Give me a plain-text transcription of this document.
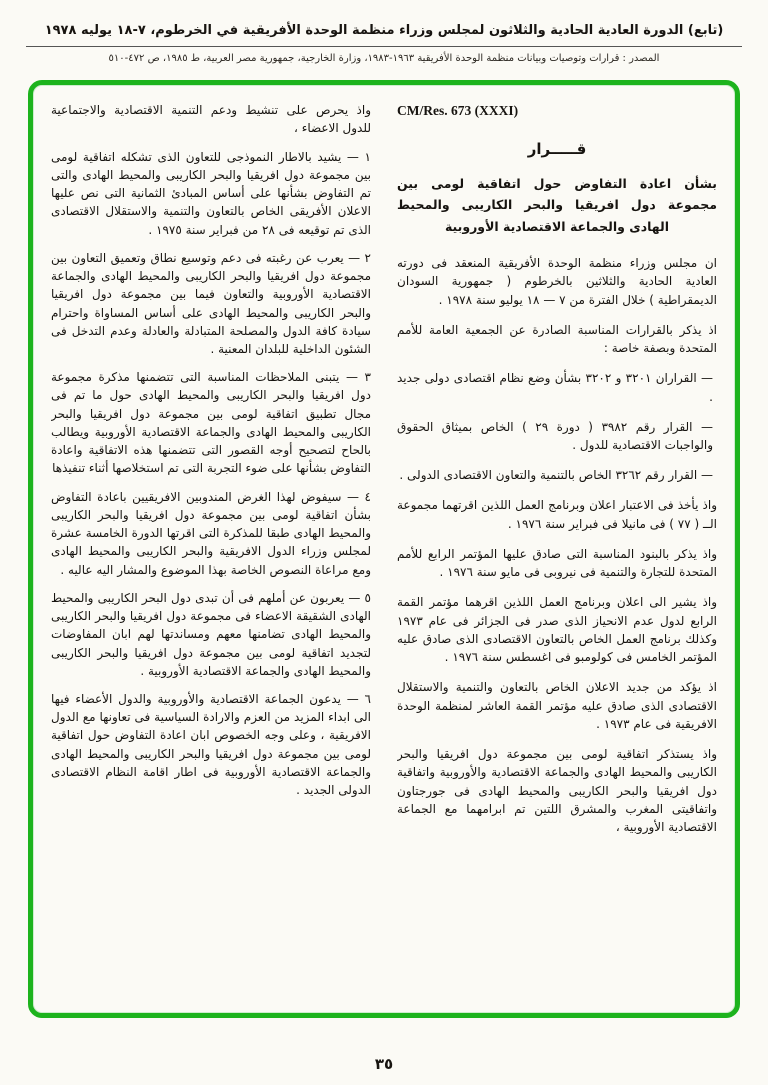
(تابع) الدورة العادية الحادية والثلاثون لمجلس وزراء منظمة الوحدة الأفريقية في الخرطوم، ٧-١٨ يوليه ١٩٧٨
المصدر : قرارات وتوصيات وبيانات منظمة الوحدة الأفريقية ١٩٦٣-١٩٨٣، وزارة الخارجية، جمهورية مصر العربية، ط ١٩٨٥، ص ٤٧٢-٥١٠
CM/Res. 673 (XXXI)
قـــــرار
بشأن اعادة التفاوض حول اتفاقية لومى بين مجموعة دول افريقيا والبحر الكاريبى والمحيط الهادى والجماعة الاقتصادية الأوروبية

ان مجلس وزراء منظمة الوحدة الأفريقية المنعقد فى دورته العادية الحادية والثلاثين بالخرطوم ( جمهورية السودان الديمقراطية ) خلال الفترة من ٧ — ١٨ يوليو سنة ١٩٧٨ .

اذ يذكر بالقرارات المناسبة الصادرة عن الجمعية العامة للأمم المتحدة وبصفة خاصة :

— القراران ٣٢٠١ و ٣٢٠٢ بشأن وضع نظام اقتصادى دولى جديد .

— القرار رقم ٣٩٨٢ ( دورة ٢٩ ) الخاص بميثاق الحقوق والواجبات الاقتصادية للدول .

— القرار رقم ٣٢٦٢ الخاص بالتنمية والتعاون الاقتصادى الدولى .

واذ يأخذ فى الاعتبار اعلان وبرنامج العمل اللذين اقرتهما مجموعة الــ ( ٧٧ ) فى مانيلا فى فبراير سنة ١٩٧٦ .

واذ يذكر بالبنود المناسبة التى صادق عليها المؤتمر الرابع للأمم المتحدة للتجارة والتنمية فى نيروبى فى مايو سنة ١٩٧٦ .

واذ يشير الى اعلان وبرنامج العمل اللذين اقرهما مؤتمر القمة الرابع لدول عدم الانحياز الذى صدر فى الجزائر فى عام ١٩٧٣ وكذلك برنامج العمل الخاص بالتعاون الاقتصادى الذى صادق عليه المؤتمر الخامس فى كولومبو فى اغسطس سنة ١٩٧٦ .

اذ يؤكد من جديد الاعلان الخاص بالتعاون والتنمية والاستقلال الاقتصادى الذى صادق عليه مؤتمر القمة العاشر لمنظمة الوحدة الافريقية فى عام ١٩٧٣ .

واذ يستذكر اتفاقية لومى بين مجموعة دول افريقيا والبحر الكاريبى والمحيط الهادى والجماعة الاقتصادية والأوروبية واتفاقية دول افريقيا والبحر الكاريبى والمحيط الهادى فى جورجتاون واتفاقيتى المغرب والمشرق اللتين تم ابرامهما مع الجماعة الاقتصادية الأوروبية ،

واذ يحرص على تنشيط ودعم التنمية الاقتصادية والاجتماعية للدول الاعضاء ،

١ — يشيد بالاطار النموذجى للتعاون الذى تشكله اتفاقية لومى بين مجموعة دول افريقيا والبحر الكاريبى والمحيط الهادى والتى تم التفاوض بشأنها على أساس المبادئ الثمانية التى نص عليها الاعلان الأفريقى الخاص بالتعاون والتنمية والاستقلال الاقتصادى الذى تم توقيعه فى ٢٨ من فبراير سنة ١٩٧٥ .

٢ — يعرب عن رغبته فى دعم وتوسيع نطاق وتعميق التعاون بين مجموعة دول افريقيا والبحر الكاريبى والمحيط الهادى والجماعة الاقتصادية الأوروبية والتعاون فيما بين مجموعة دول افريقيا والبحر الكاريبى والمحيط الهادى على أساس المساواة واحترام سيادة كافة الدول والمصلحة المتبادلة والعادلة وعدم التدخل فى الشئون الداخلية للبلدان المعنية .

٣ — يتبنى الملاحظات المناسبة التى تتضمنها مذكرة مجموعة دول افريقيا والبحر الكاريبى والمحيط الهادى حول ما تم فى مجال تطبيق اتفاقية لومى بين مجموعة دول افريقيا والبحر الكاريبى والمحيط الهادى والجماعة الاقتصادية الأوروبية ويطالب بالحاح لتصحيح أوجه القصور التى تتضمنها هذه الاتفاقية واعادة التفاوض بشأنها على ضوء التجربة التى تم استخلاصها أثناء تنفيذها

٤ — سيفوض لهذا الغرض المندوبين الافريقيين باعادة التفاوض بشأن اتفاقية لومى بين مجموعة دول افريقيا والبحر الكاريبى والمحيط الهادى طبقا للمذكرة التى اقرتها الدورة الخامسة عشرة لمجلس وزراء الدول الافريقية والبحر الكاريبى والمحيط الهادى ومع مراعاة النصوص الخاصة بهذا الموضوع والمشار اليه عاليه .

٥ — يعربون عن أملهم فى أن تبدى دول البحر الكاريبى والمحيط الهادى الشقيقة الاعضاء فى مجموعة دول افريقيا والبحر الكاريبى والمحيط الهادى تضامنها معهم ومساندتها لهم ابان المفاوضات لتجديد اتفاقية لومى بين مجموعة دول افريقيا والبحر الكاريبى والمحيط الهادى والجماعة الاقتصادية الأوروبية .

٦ — يدعون الجماعة الاقتصادية والأوروبية والدول الأعضاء فيها الى ابداء المزيد من العزم والارادة السياسية فى تعاونها مع الدول الافريقية ، وعلى وجه الخصوص ابان اعادة التفاوض حول اتفاقية لومى بين مجموعة دول افريقيا والبحر الكاريبى والمحيط الهادى والجماعة الاقتصادية الأوروبية فى اطار اقامة النظام الاقتصادى الدولى الجديد .

٣٥
